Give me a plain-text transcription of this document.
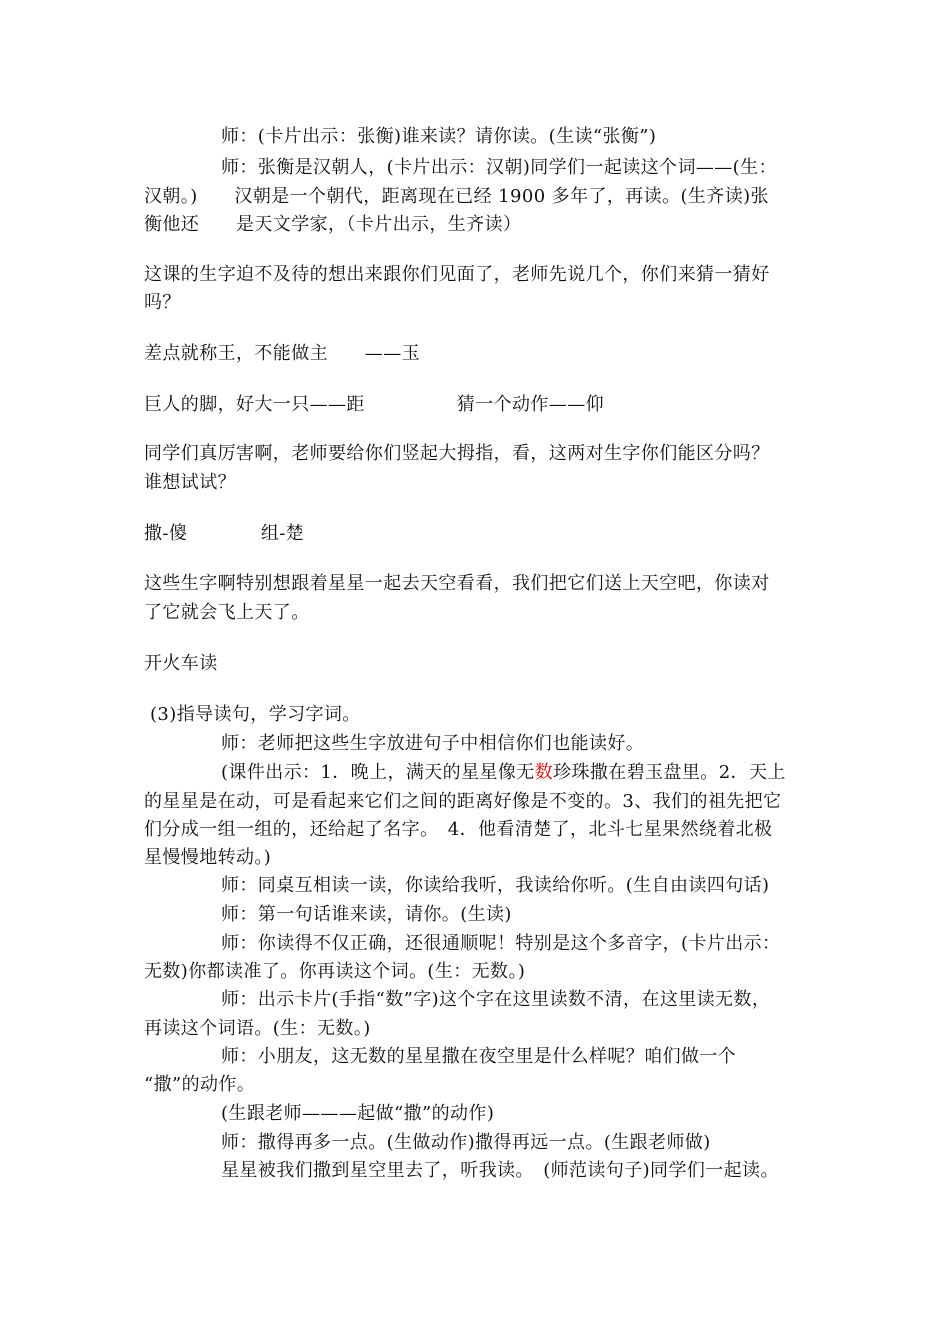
师：(卡片出示：张衡)谁来读？请你读。(生读“张衡”)
师：张衡是汉朝人，(卡片出示：汉朝)同学们一起读这个词——(生：
汉朝。)　　汉朝是一个朝代，距离现在已经 1900 多年了，再读。(生齐读)张
衡他还　　是天文学家，（卡片出示，生齐读）
这课的生字迫不及待的想出来跟你们见面了，老师先说几个，你们来猜一猜好
吗？
差点就称王，不能做主　　——玉
巨人的脚，好大一只——距　　　　　猜一个动作——仰
同学们真厉害啊，老师要给你们竖起大拇指，看，这两对生字你们能区分吗？
谁想试试？
撒-傻　　　　组-楚
这些生字啊特别想跟着星星一起去天空看看，我们把它们送上天空吧，你读对
了它就会飞上天了。
开火车读
(3)指导读句，学习字词。
师：老师把这些生字放进句子中相信你们也能读好。
(课件出示：1．晚上，满天的星星像无数珍珠撒在碧玉盘里。2．天上
的星星是在动，可是看起来它们之间的距离好像是不变的。3、我们的祖先把它
们分成一组一组的，还给起了名字。　4．他看清楚了，北斗七星果然绕着北极
星慢慢地转动。)
师：同桌互相读一读，你读给我听，我读给你听。(生自由读四句话)
师：第一句话谁来读，请你。(生读)
师：你读得不仅正确，还很通顺呢！特别是这个多音字，(卡片出示：
无数)你都读准了。你再读这个词。(生：无数。)
师：出示卡片(手指“数”字)这个字在这里读数不清，在这里读无数，
再读这个词语。(生：无数。)
师：小朋友，这无数的星星撒在夜空里是什么样呢？咱们做一个
“撒”的动作。
(生跟老师———起做“撒”的动作)
师：撒得再多一点。(生做动作)撒得再远一点。(生跟老师做)
星星被我们撒到星空里去了，听我读。　(师范读句子)同学们一起读。
